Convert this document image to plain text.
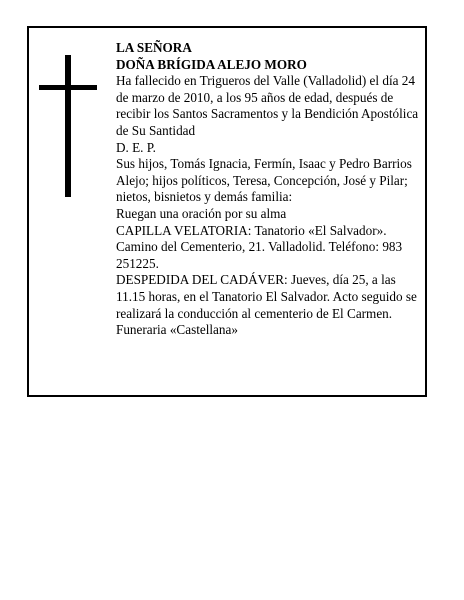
LA SEÑORA

DOÑA BRÍGIDA ALEJO MORO

Ha fallecido en Trigueros del Valle (Valladolid) el día 24 de marzo de 2010, a los 95 años de edad, después de recibir los Santos Sacramentos y la Bendición Apostólica de Su Santidad

D. E. P.

Sus hijos, Tomás Ignacia, Fermín, Isaac y Pedro Barrios Alejo; hijos políticos, Teresa, Concepción, José y Pilar; nietos, bisnietos y demás familia:

Ruegan una oración por su alma

CAPILLA VELATORIA: Tanatorio «El Salvador». Camino del Cementerio, 21. Valladolid. Teléfono: 983 251225.

DESPEDIDA DEL CADÁVER: Jueves, día 25, a las 11.15 horas, en el Tanatorio El Salvador. Acto seguido se realizará la conducción al cementerio de El Carmen.

Funeraria «Castellana»
